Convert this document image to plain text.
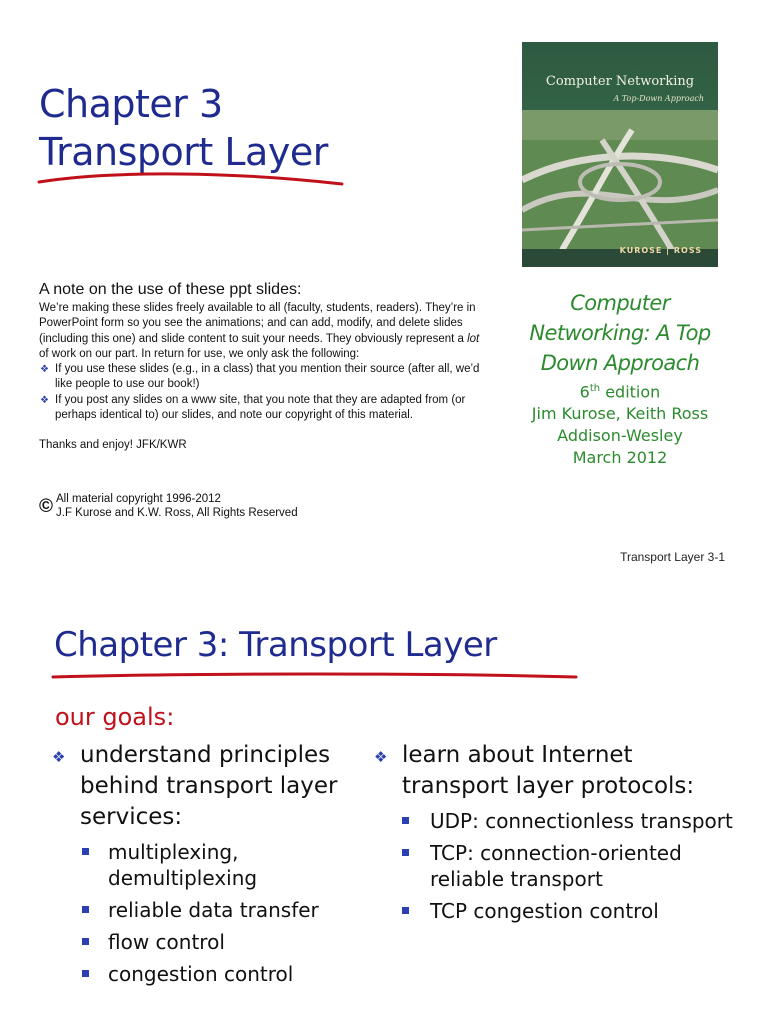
Chapter 3
Transport Layer
Computer Networking
A Top-Down Approach
KUROSE | ROSS
A note on the use of these ppt slides:

We’re making these slides freely available to all (faculty, students, readers). They’re in PowerPoint form so you see the animations; and can add, modify, and delete slides (including this one) and slide content to suit your needs. They obviously represent a lot of work on our part. In return for use, we only ask the following:

❖ If you use these slides (e.g., in a class) that you mention their source (after all, we’d like people to use our book!)
❖ If you post any slides on a www site, that you note that they are adapted from (or perhaps identical to) our slides, and note our copyright of this material.

Thanks and enjoy! JFK/KWR

© All material copyright 1996-2012
J.F Kurose and K.W. Ross, All Rights Reserved
Computer Networking: A Top Down Approach
6th edition
Jim Kurose, Keith Ross
Addison-Wesley
March 2012
Transport Layer 3-1
Chapter 3: Transport Layer
our goals:
❖ understand principles behind transport layer services:
multiplexing, demultiplexing
reliable data transfer
flow control
congestion control
❖ learn about Internet transport layer protocols:
UDP: connectionless transport
TCP: connection-oriented reliable transport
TCP congestion control
